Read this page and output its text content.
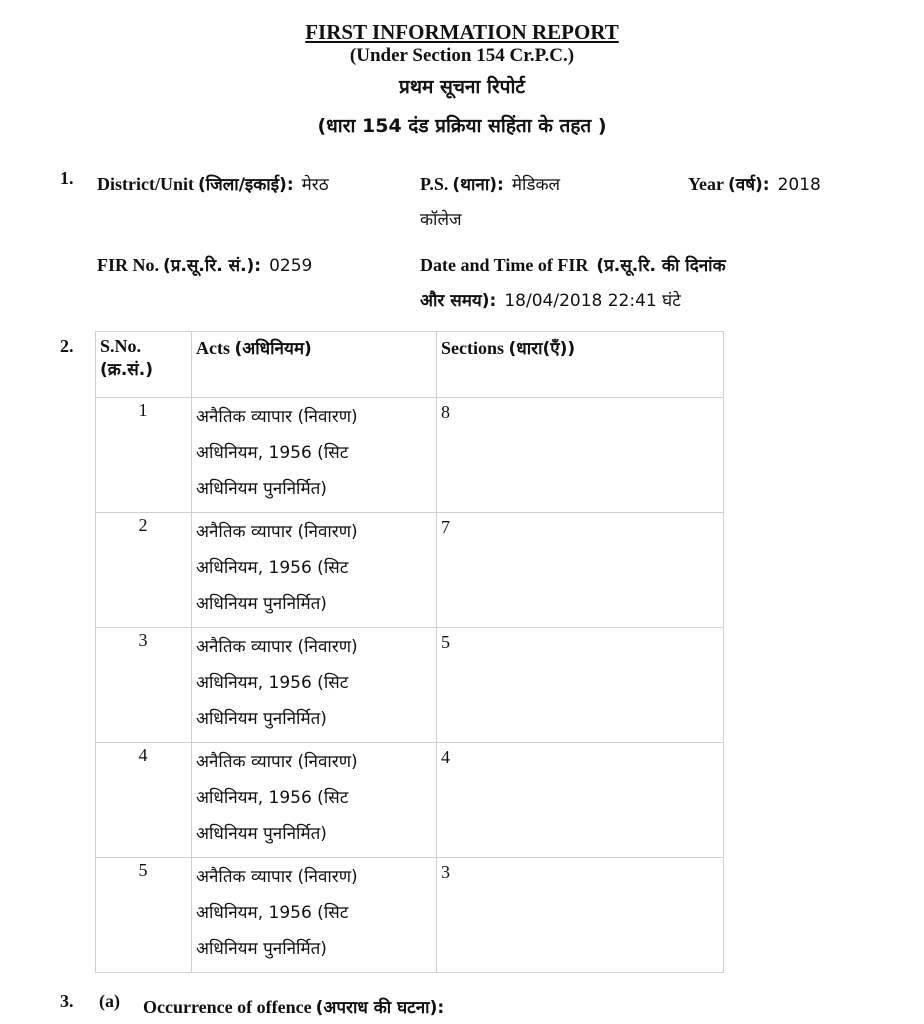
FIRST INFORMATION REPORT
(Under Section 154 Cr.P.C.)
प्रथम सूचना रिपोर्ट
(धारा 154 दंड प्रक्रिया सहिंता के तहत )
1. District/Unit (जिला/इकाई): मेरठ	P.S. (थाना): मेडिकल
कॉलेज
Year (वर्ष): 2018
FIR No. (प्र.सू.रि. सं.): 0259	Date and Time of FIR (प्र.सू.रि. की दिनांक
और समय): 18/04/2018 22:41 घंटे
2. S.No.
(क्र.सं.)	Acts (अधिनियम)	Sections (धारा(एँ))
1	अनैतिक व्यापार (निवारण)
अधिनियम, 1956 (सिट
अधिनियम पुननिर्मित)	8
2	अनैतिक व्यापार (निवारण)
अधिनियम, 1956 (सिट
अधिनियम पुननिर्मित)	7
3	अनैतिक व्यापार (निवारण)
अधिनियम, 1956 (सिट
अधिनियम पुननिर्मित)	5
4	अनैतिक व्यापार (निवारण)
अधिनियम, 1956 (सिट
अधिनियम पुननिर्मित)	4
5	अनैतिक व्यापार (निवारण)
अधिनियम, 1956 (सिट
अधिनियम पुननिर्मित)	3
3. (a) Occurrence of offence (अपराध की घटना):
